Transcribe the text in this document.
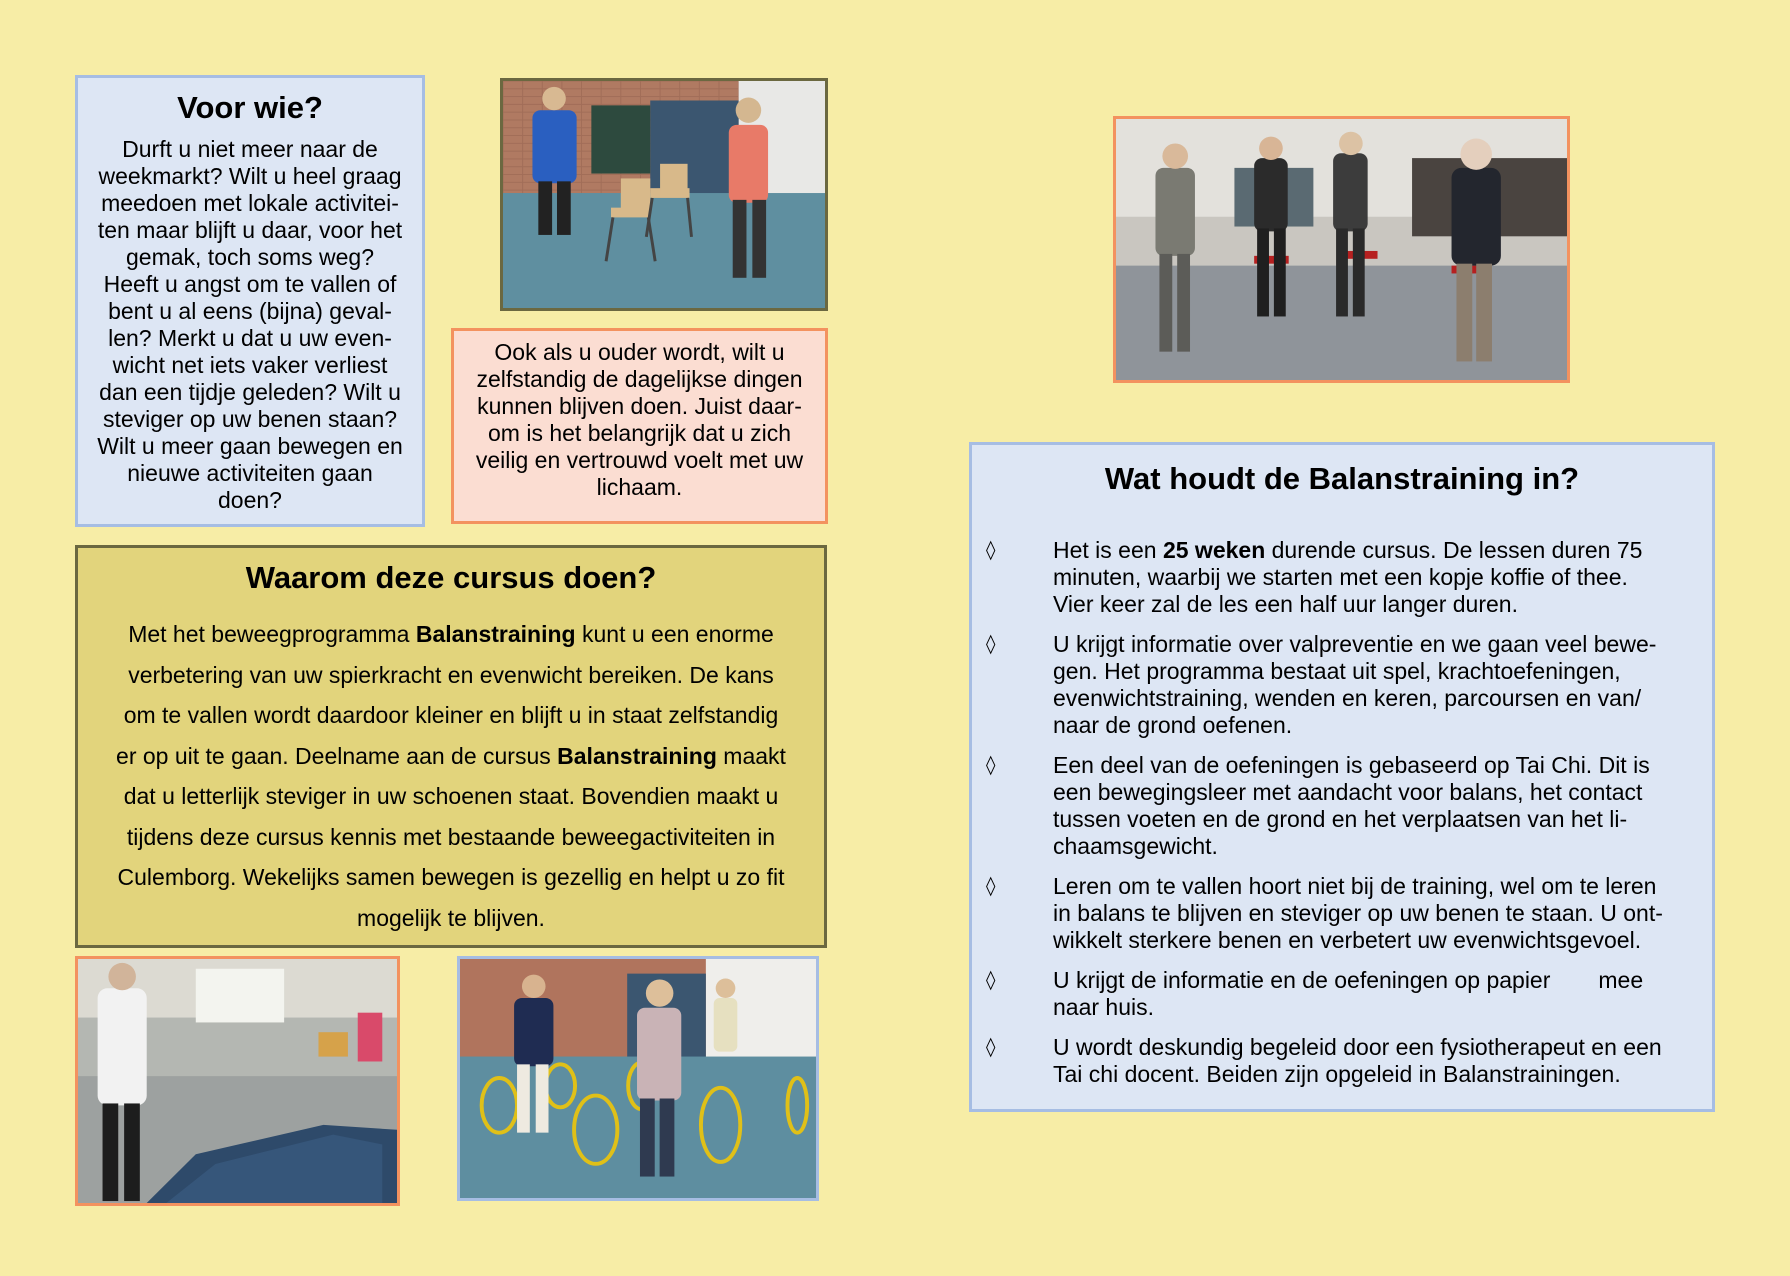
Voor wie?

Durft u niet meer naar de
weekmarkt? Wilt u heel graag
meedoen met lokale activitei-
ten maar blijft u daar, voor het
gemak, toch soms weg?
Heeft u angst om te vallen of
bent u al eens (bijna) geval-
len? Merkt u dat u uw even-
wicht net iets vaker verliest
dan een tijdje geleden? Wilt u
steviger op uw benen staan?
Wilt u meer gaan bewegen en
nieuwe activiteiten gaan
doen?

Ook als u ouder wordt, wilt u
zelfstandig de dagelijkse dingen
kunnen blijven doen. Juist daar-
om is het belangrijk dat u zich
veilig en vertrouwd voelt met uw
lichaam.

Waarom deze cursus doen?

Met het beweegprogramma Balanstraining kunt u een enorme
verbetering van uw spierkracht en evenwicht bereiken. De kans
om te vallen wordt daardoor kleiner en blijft u in staat zelfstandig
er op uit te gaan. Deelname aan de cursus Balanstraining maakt
dat u letterlijk steviger in uw schoenen staat. Bovendien maakt u
tijdens deze cursus kennis met bestaande beweegactiviteiten in
Culemborg. Wekelijks samen bewegen is gezellig en helpt u zo fit
mogelijk te blijven.

Wat houdt de Balanstraining in?
◊	Het is een 25 weken durende cursus. De lessen duren 75
minuten, waarbij we starten met een kopje koffie of thee.
Vier keer zal de les een half uur langer duren.
◊	U krijgt informatie over valpreventie en we gaan veel bewe-
gen. Het programma bestaat uit spel, krachtoefeningen,
evenwichtstraining, wenden en keren, parcoursen en van/
naar de grond oefenen.
◊	Een deel van de oefeningen is gebaseerd op Tai Chi. Dit is
een bewegingsleer met aandacht voor balans, het contact
tussen voeten en de grond en het verplaatsen van het li-
chaamsgewicht.
◊	Leren om te vallen hoort niet bij de training, wel om te leren
in balans te blijven en steviger op uw benen te staan. U ont-
wikkelt sterkere benen en verbetert uw evenwichtsgevoel.
◊	U krijgt de informatie en de oefeningen op papier mee
naar huis.
◊	U wordt deskundig begeleid door een fysiotherapeut en een
Tai chi docent. Beiden zijn opgeleid in Balanstrainingen.
